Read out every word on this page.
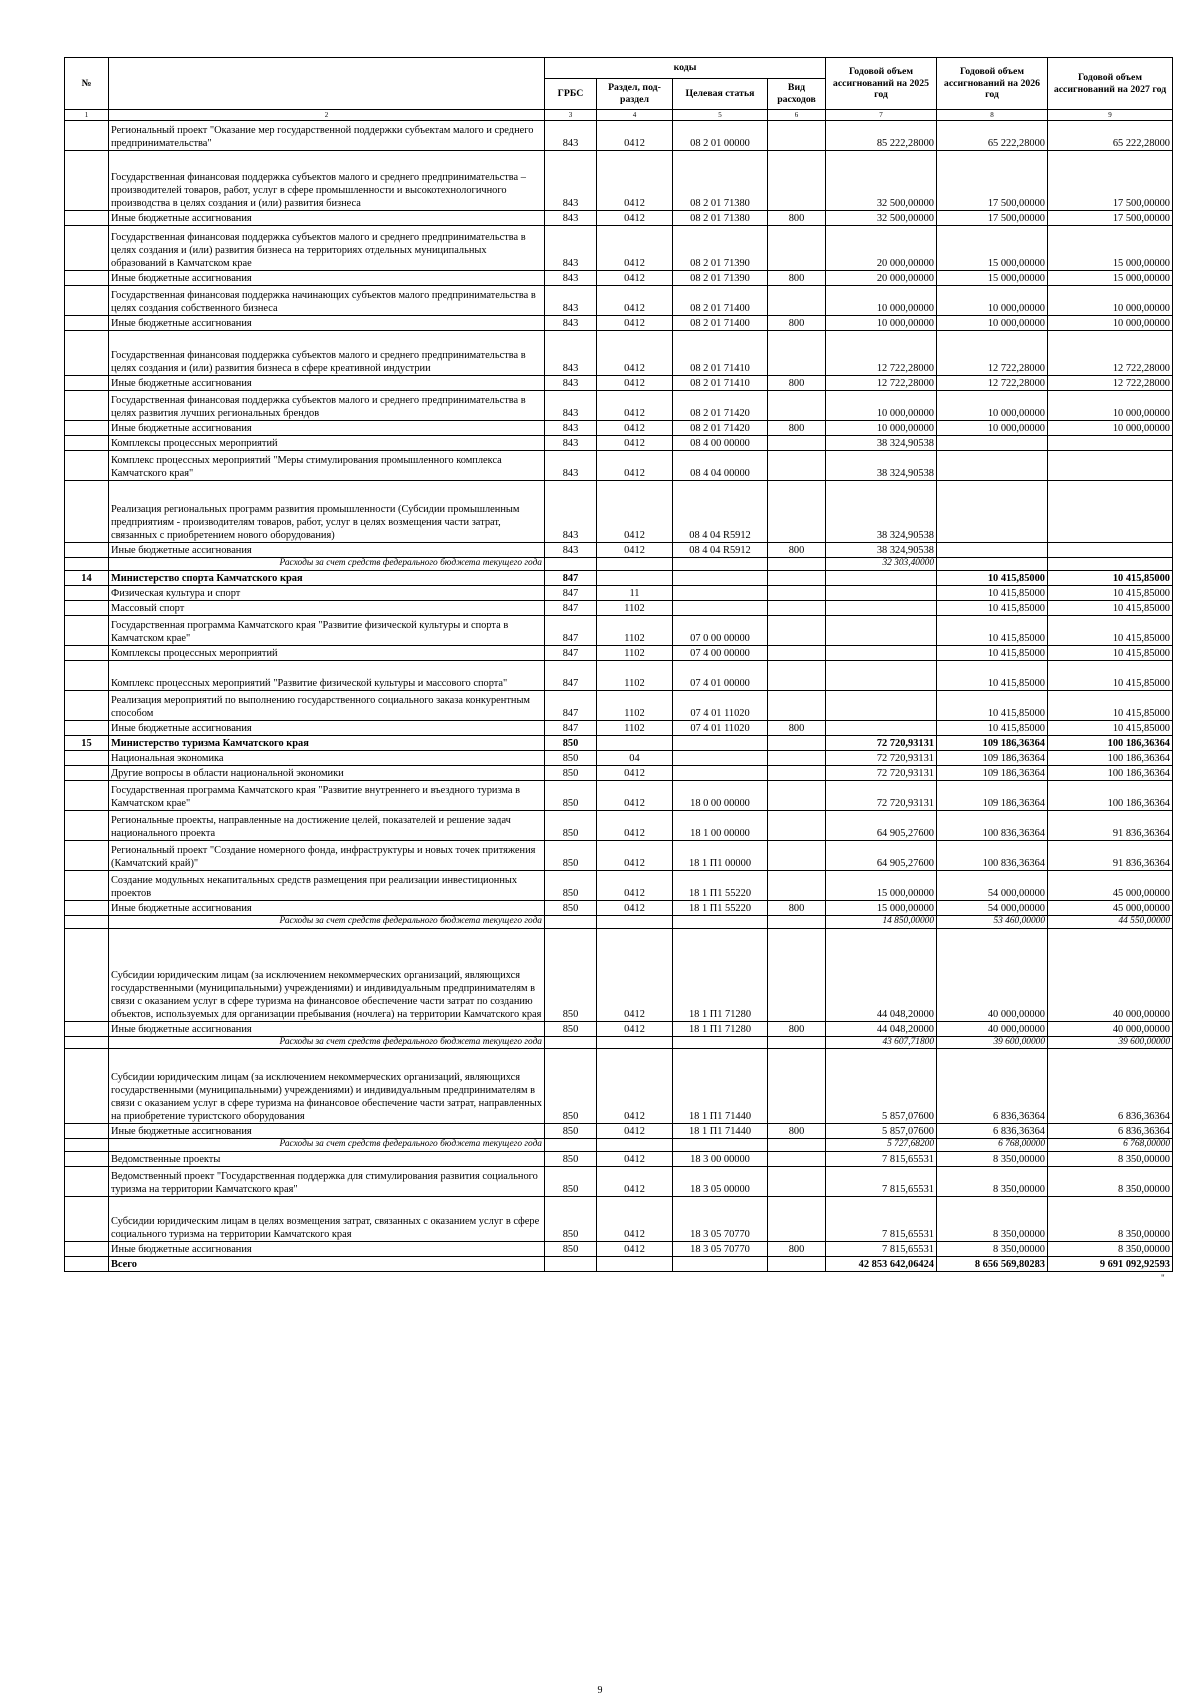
№		коды				Годовой объем ассигнований на 2025 год	Годовой объем ассигнований на 2026 год	Годовой объем ассигнований на 2027 год
		ГРБС	Раздел, под-раздел	Целевая статья	Вид расходов			
1	2	3	4	5	6	7	8	9
	Региональный проект "Оказание мер государственной поддержки субъектам малого и среднего предпринимательства"	843	0412	08 2 01 00000		85 222,28000	65 222,28000	65 222,28000
	Государственная финансовая поддержка субъектов малого и среднего предпринимательства – производителей товаров, работ, услуг в сфере промышленности и высокотехнологичного производства в целях создания и (или) развития бизнеса	843	0412	08 2 01 71380		32 500,00000	17 500,00000	17 500,00000
	Иные бюджетные ассигнования	843	0412	08 2 01 71380	800	32 500,00000	17 500,00000	17 500,00000
	Государственная финансовая поддержка субъектов малого и среднего предпринимательства в целях создания и (или) развития бизнеса на территориях отдельных муниципальных образований в Камчатском крае	843	0412	08 2 01 71390		20 000,00000	15 000,00000	15 000,00000
	Иные бюджетные ассигнования	843	0412	08 2 01 71390	800	20 000,00000	15 000,00000	15 000,00000
	Государственная финансовая поддержка начинающих субъектов малого предпринимательства в целях создания собственного бизнеса	843	0412	08 2 01 71400		10 000,00000	10 000,00000	10 000,00000
	Иные бюджетные ассигнования	843	0412	08 2 01 71400	800	10 000,00000	10 000,00000	10 000,00000
	Государственная финансовая поддержка субъектов малого и среднего предпринимательства в целях создания и (или) развития бизнеса в сфере креативной индустрии	843	0412	08 2 01 71410		12 722,28000	12 722,28000	12 722,28000
	Иные бюджетные ассигнования	843	0412	08 2 01 71410	800	12 722,28000	12 722,28000	12 722,28000
	Государственная финансовая поддержка субъектов малого и среднего предпринимательства в целях развития лучших региональных брендов	843	0412	08 2 01 71420		10 000,00000	10 000,00000	10 000,00000
	Иные бюджетные ассигнования	843	0412	08 2 01 71420	800	10 000,00000	10 000,00000	10 000,00000
	Комплексы процессных мероприятий	843	0412	08 4 00 00000		38 324,90538		
	Комплекс процессных мероприятий "Меры стимулирования промышленного комплекса Камчатского края"	843	0412	08 4 04 00000		38 324,90538		
	Реализация региональных программ развития промышленности (Субсидии промышленным предприятиям - производителям товаров, работ, услуг в целях возмещения части затрат, связанных с приобретением нового оборудования)	843	0412	08 4 04 R5912		38 324,90538		
	Иные бюджетные ассигнования	843	0412	08 4 04 R5912	800	38 324,90538		
	Расходы за счет средств федерального бюджета текущего года					32 303,40000		
14	Министерство спорта Камчатского края	847					10 415,85000	10 415,85000
	Физическая культура и спорт	847	11				10 415,85000	10 415,85000
	Массовый спорт	847	1102				10 415,85000	10 415,85000
	Государственная программа Камчатского края "Развитие физической культуры и спорта в Камчатском крае"	847	1102	07 0 00 00000			10 415,85000	10 415,85000
	Комплексы процессных мероприятий	847	1102	07 4 00 00000			10 415,85000	10 415,85000
	Комплекс процессных мероприятий "Развитие физической культуры и массового спорта"	847	1102	07 4 01 00000			10 415,85000	10 415,85000
	Реализация мероприятий по выполнению государственного социального заказа конкурентным способом	847	1102	07 4 01 11020			10 415,85000	10 415,85000
	Иные бюджетные ассигнования	847	1102	07 4 01 11020	800		10 415,85000	10 415,85000
15	Министерство туризма Камчатского края	850				72 720,93131	109 186,36364	100 186,36364
	Национальная экономика	850	04			72 720,93131	109 186,36364	100 186,36364
	Другие вопросы в области национальной экономики	850	0412			72 720,93131	109 186,36364	100 186,36364
	Государственная программа Камчатского края "Развитие внутреннего и въездного туризма в Камчатском крае"	850	0412	18 0 00 00000		72 720,93131	109 186,36364	100 186,36364
	Региональные проекты, направленные на достижение целей, показателей и решение задач национального проекта	850	0412	18 1 00 00000		64 905,27600	100 836,36364	91 836,36364
	Региональный проект "Создание номерного фонда, инфраструктуры и новых точек притяжения (Камчатский край)"	850	0412	18 1 П1 00000		64 905,27600	100 836,36364	91 836,36364
	Создание модульных некапитальных средств размещения при реализации инвестиционных проектов	850	0412	18 1 П1 55220		15 000,00000	54 000,00000	45 000,00000
	Иные бюджетные ассигнования	850	0412	18 1 П1 55220	800	15 000,00000	54 000,00000	45 000,00000
	Расходы за счет средств федерального бюджета текущего года					14 850,00000	53 460,00000	44 550,00000
	Субсидии юридическим лицам (за исключением некоммерческих организаций, являющихся государственными (муниципальными) учреждениями) и индивидуальным предпринимателям в связи с оказанием услуг в сфере туризма на финансовое обеспечение части затрат по созданию объектов, используемых для организации пребывания (ночлега) на территории Камчатского края	850	0412	18 1 П1 71280		44 048,20000	40 000,00000	40 000,00000
	Иные бюджетные ассигнования	850	0412	18 1 П1 71280	800	44 048,20000	40 000,00000	40 000,00000
	Расходы за счет средств федерального бюджета текущего года					43 607,71800	39 600,00000	39 600,00000
	Субсидии юридическим лицам (за исключением некоммерческих организаций, являющихся государственными (муниципальными) учреждениями) и индивидуальным предпринимателям в связи с оказанием услуг в сфере туризма на финансовое обеспечение части затрат, направленных на приобретение туристского оборудования	850	0412	18 1 П1 71440		5 857,07600	6 836,36364	6 836,36364
	Иные бюджетные ассигнования	850	0412	18 1 П1 71440	800	5 857,07600	6 836,36364	6 836,36364
	Расходы за счет средств федерального бюджета текущего года					5 727,68200	6 768,00000	6 768,00000
	Ведомственные проекты	850	0412	18 3 00 00000		7 815,65531	8 350,00000	8 350,00000
	Ведомственный проект "Государственная поддержка для стимулирования развития социального туризма на территории Камчатского края"	850	0412	18 3 05 00000		7 815,65531	8 350,00000	8 350,00000
	Субсидии юридическим лицам в целях возмещения затрат, связанных с оказанием услуг в сфере социального туризма на территории Камчатского края	850	0412	18 3 05 70770		7 815,65531	8 350,00000	8 350,00000
	Иные бюджетные ассигнования	850	0412	18 3 05 70770	800	7 815,65531	8 350,00000	8 350,00000
	Всего					42 853 642,06424	8 656 569,80283	9 691 092,92593
"
9
